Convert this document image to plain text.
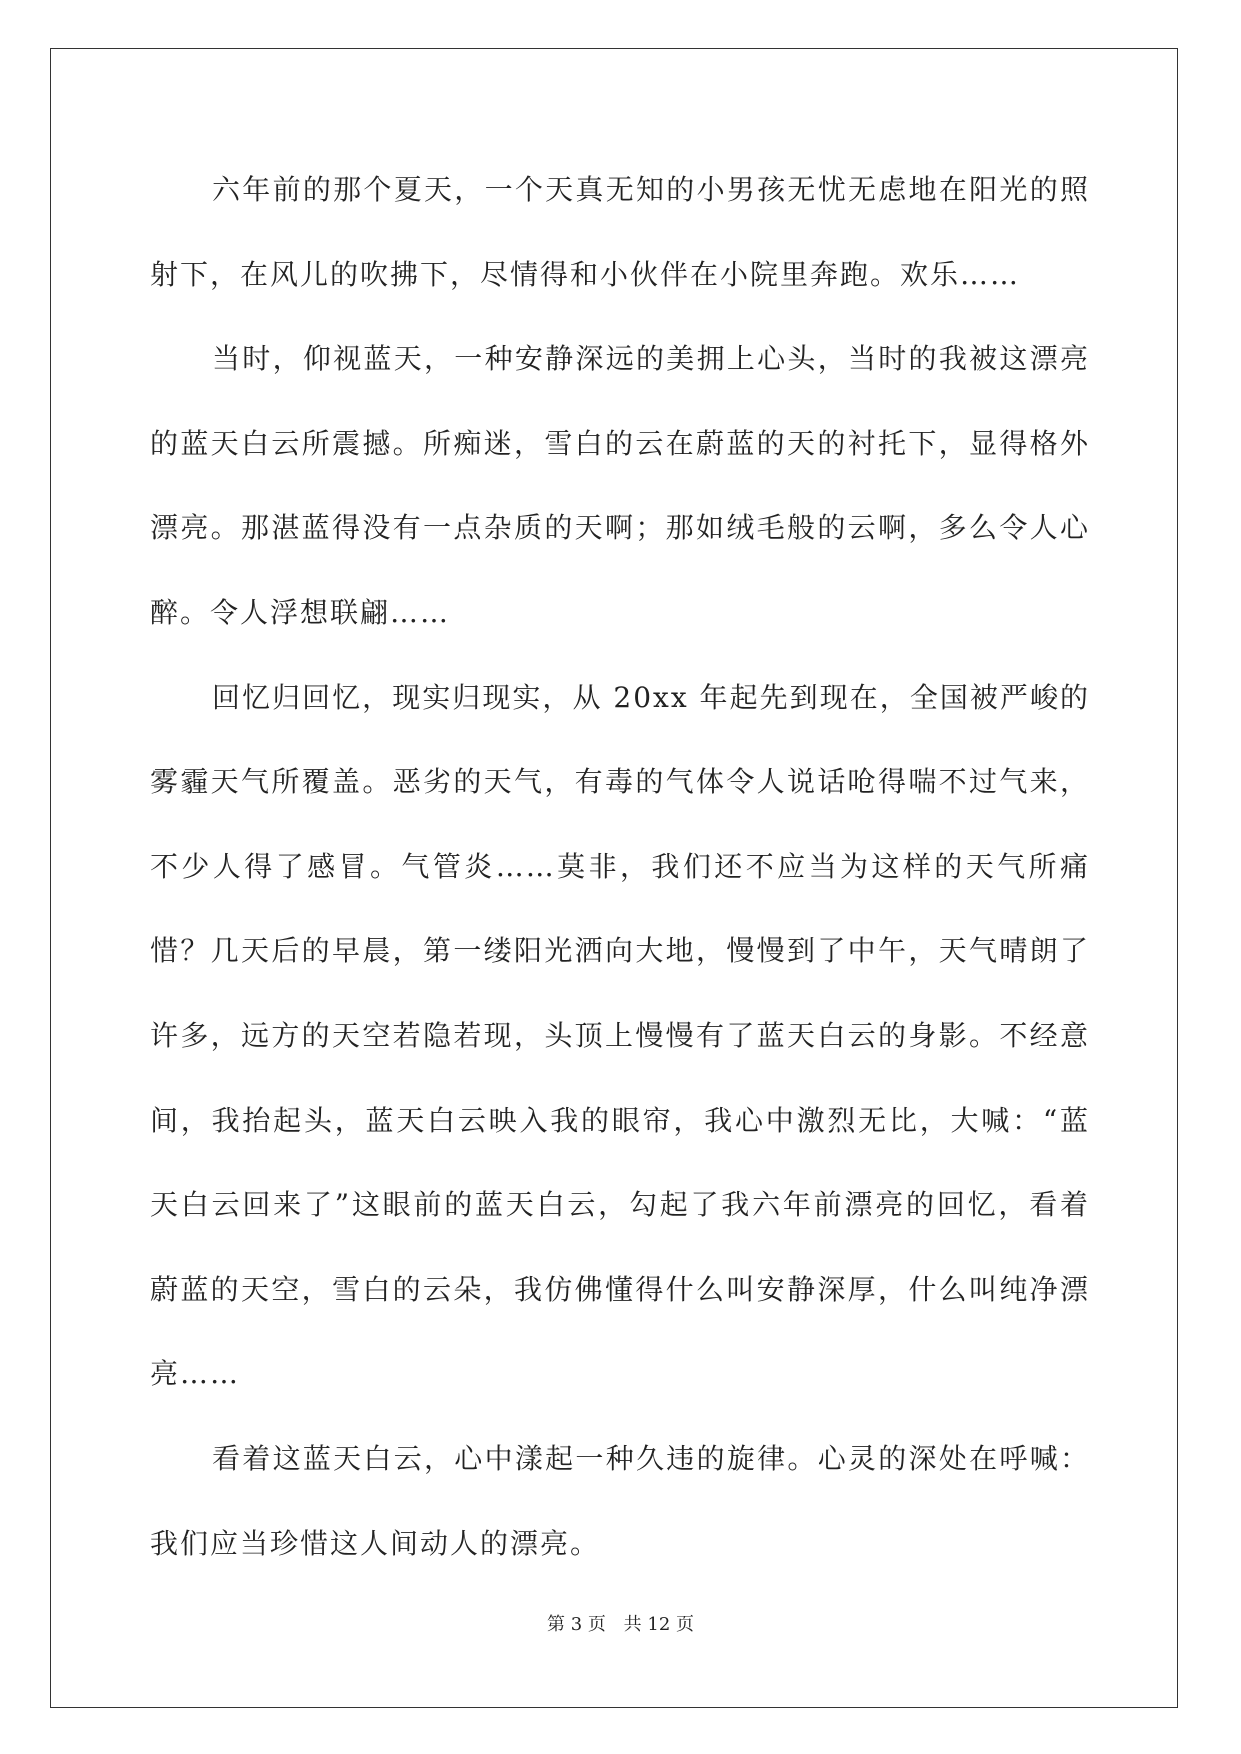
六年前的那个夏天，一个天真无知的小男孩无忧无虑地在阳光的照射下，在风儿的吹拂下，尽情得和小伙伴在小院里奔跑。欢乐……

当时，仰视蓝天，一种安静深远的美拥上心头，当时的我被这漂亮的蓝天白云所震撼。所痴迷，雪白的云在蔚蓝的天的衬托下，显得格外漂亮。那湛蓝得没有一点杂质的天啊；那如绒毛般的云啊，多么令人心醉。令人浮想联翩……

回忆归回忆，现实归现实，从 20xx 年起先到现在，全国被严峻的雾霾天气所覆盖。恶劣的天气，有毒的气体令人说话呛得喘不过气来，不少人得了感冒。气管炎……莫非，我们还不应当为这样的天气所痛惜？几天后的早晨，第一缕阳光洒向大地，慢慢到了中午，天气晴朗了许多，远方的天空若隐若现，头顶上慢慢有了蓝天白云的身影。不经意间，我抬起头，蓝天白云映入我的眼帘，我心中激烈无比，大喊：“蓝天白云回来了”这眼前的蓝天白云，勾起了我六年前漂亮的回忆，看着蔚蓝的天空，雪白的云朵，我仿佛懂得什么叫安静深厚，什么叫纯净漂亮……

看着这蓝天白云，心中漾起一种久违的旋律。心灵的深处在呼喊：我们应当珍惜这人间动人的漂亮。

第 3 页 共 12 页
